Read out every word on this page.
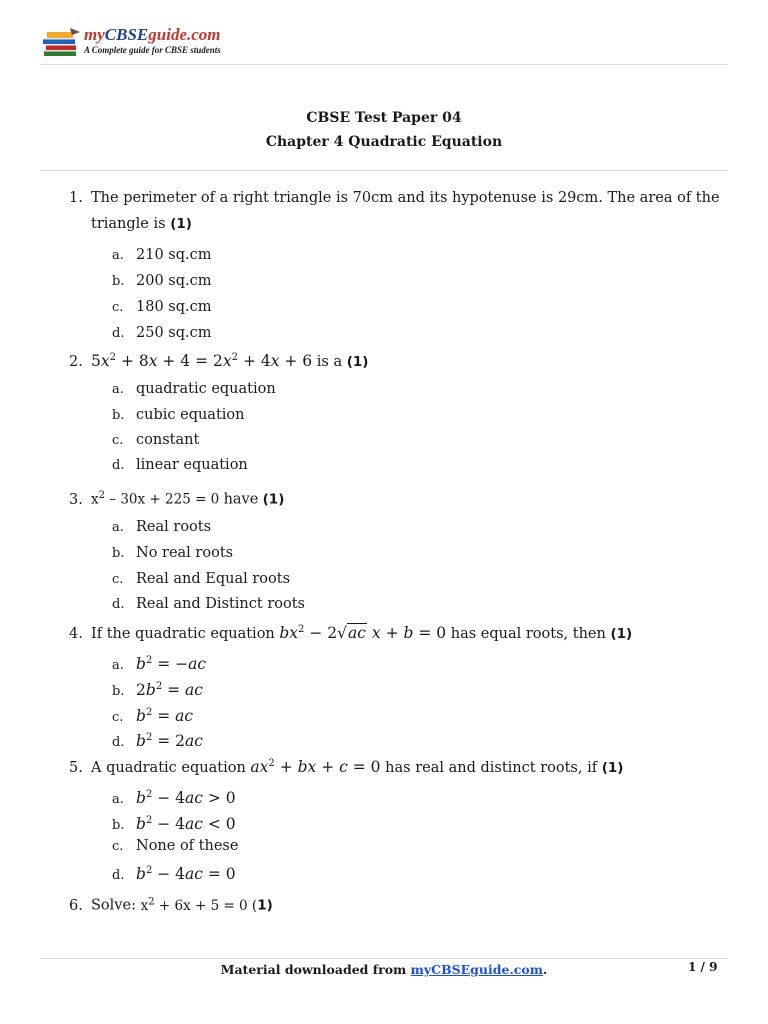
myCBSEguide.com
A Complete guide for CBSE students
CBSE Test Paper 04
Chapter 4 Quadratic Equation
1. The perimeter of a right triangle is 70cm and its hypotenuse is 29cm. The area of the
triangle is (1)
a. 210 sq.cm
b. 200 sq.cm
c. 180 sq.cm
d. 250 sq.cm
2. $5x^2 + 8x + 4 = 2x^2 + 4x + 6$ is a (1)
a. quadratic equation
b. cubic equation
c. constant
d. linear equation
3. $x^2 - 30x + 225 = 0$ have (1)
a. Real roots
b. No real roots
c. Real and Equal roots
d. Real and Distinct roots
4. If the quadratic equation $bx^2 - 2√ac$ x + b = 0 has equal roots, then (1)
a. $b^2 = -ac$
b. $2b^2$ = ac
c. $b^2$ = ac
d. $b^2 = 2ac$
5. A quadratic equation $ax^2$ + bx + c = 0 has real and distinct roots, if (1)
a. $b^2 - 4ac > 0$
b. $b^2 - 4ac < 0$
c. None of these
d. $b^2 - 4ac = 0$
6. Solve: $x^2 + 6x + 5 = 0$ (1)
Material downloaded from myCBSEguide.com.	1 / 9
